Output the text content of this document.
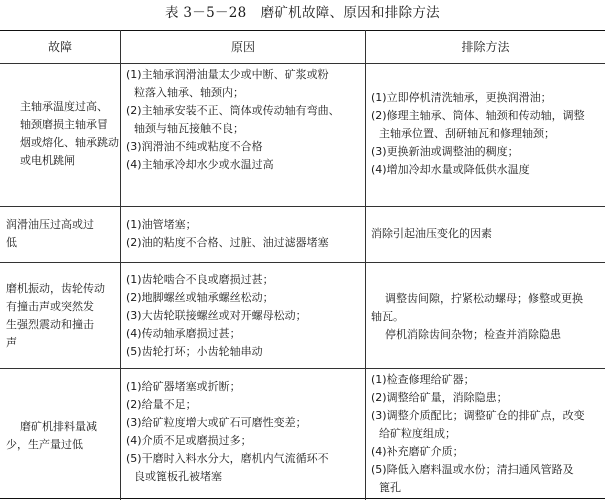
表 3－5－28 磨矿机故障、原因和排除方法
故障	原因	排除方法
主轴承温度过高、
轴颈磨损主轴承冒
烟或熔化、轴承跳动
或电机跳闸
(1)主轴承润滑油量太少或中断、矿浆或粉
粒落入轴承、轴颈内；
(2)主轴承安装不正、筒体或传动轴有弯曲、
轴颈与轴瓦接触不良；
(3)润滑油不纯或粘度不合格
(4)主轴承冷却水少或水温过高
(1)立即停机清洗轴承，更换润滑油；
(2)修理主轴承、筒体、轴颈和传动轴，调整
主轴承位置、刮研轴瓦和修理轴颈；
(3)更换新油或调整油的稠度；
(4)增加冷却水量或降低供水温度
润滑油压过高或过
低
(1)油管堵塞；
(2)油的粘度不合格、过脏、油过滤器堵塞
消除引起油压变化的因素
磨机振动，齿轮传动
有撞击声或突然发
生强烈震动和撞击
声
(1)齿轮啮合不良或磨损过甚；
(2)地脚螺丝或轴承螺丝松动；
(3)大齿轮联接螺丝或对开螺母松动；
(4)传动轴承磨损过甚；
(5)齿轮打坏；小齿轮轴串动
调整齿间隙，拧紧松动螺母；修整或更换
轴瓦。
停机消除齿间杂物；检查并消除隐患
磨矿机排料量减
少，生产量过低
(1)给矿器堵塞或折断；
(2)给量不足；
(3)给矿粒度增大或矿石可磨性变差；
(4)介质不足或磨损过多；
(5)干磨时入料水分大，磨机内气流循环不
良或篦板孔被堵塞
(1)检查修理给矿器；
(2)调整给矿量，消除隐患；
(3)调整介质配比；调整矿仓的排矿点，改变
给矿粒度组成；
(4)补充磨矿介质；
(5)降低入磨料温或水份；清扫通风管路及
篦孔
